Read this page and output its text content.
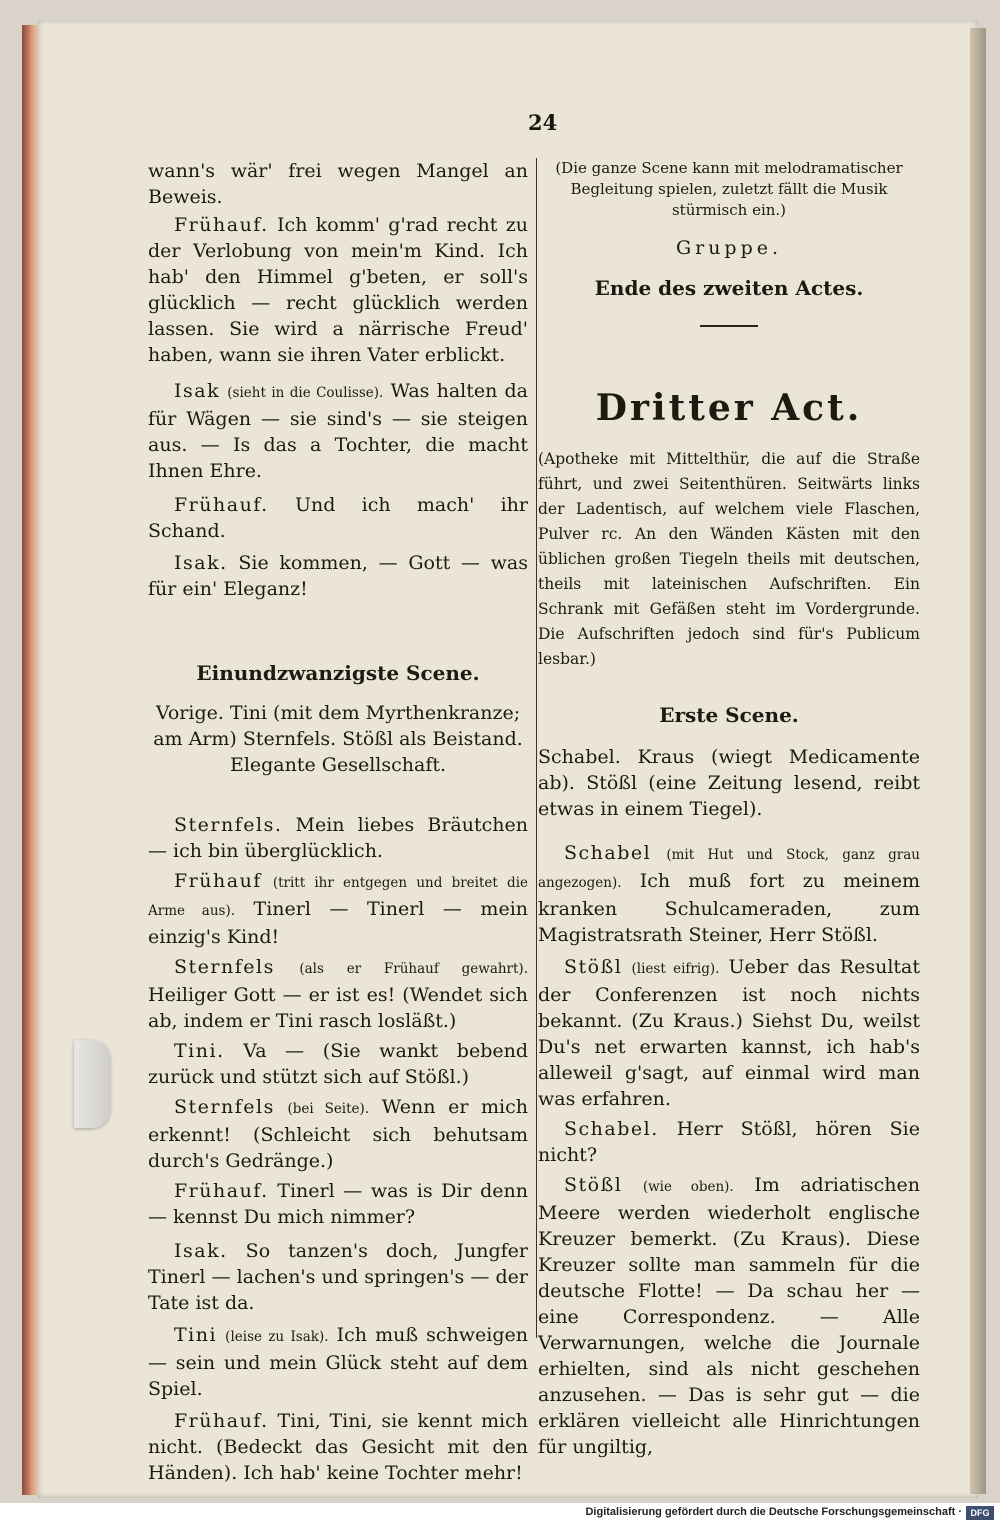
24

wann's wär' frei wegen Mangel an Beweis.

Frühauf. Ich komm' g'rad recht zu der Verlobung von mein'm Kind. Ich hab' den Himmel g'beten, er soll's glücklich — recht glücklich werden lassen. Sie wird a närrische Freud' haben, wann sie ihren Vater erblickt.

Isak (sieht in die Coulisse). Was halten da für Wägen — sie sind's — sie steigen aus. — Is das a Tochter, die macht Ihnen Ehre.

Frühauf. Und ich mach' ihr Schand.

Isak. Sie kommen, — Gott — was für ein' Eleganz!

Einundzwanzigste Scene.

Vorige. Tini (mit dem Myrthenkranze; am Arm) Sternfels. Stößl als Beistand. Elegante Gesellschaft.

Sternfels. Mein liebes Bräutchen — ich bin überglücklich.

Frühauf (tritt ihr entgegen und breitet die Arme aus). Tinerl — Tinerl — mein einzig's Kind!

Sternfels (als er Frühauf gewahrt). Heiliger Gott — er ist es! (Wendet sich ab, indem er Tini rasch losläßt.)

Tini. Va — (Sie wankt bebend zurück und stützt sich auf Stößl.)

Sternfels (bei Seite). Wenn er mich erkennt! (Schleicht sich behutsam durch's Gedränge.)

Frühauf. Tinerl — was is Dir denn — kennst Du mich nimmer?

Isak. So tanzen's doch, Jungfer Tinerl — lachen's und springen's — der Tate ist da.

Tini (leise zu Isak). Ich muß schweigen — sein und mein Glück steht auf dem Spiel.

Frühauf. Tini, Tini, sie kennt mich nicht. (Bedeckt das Gesicht mit den Händen). Ich hab' keine Tochter mehr!

(Die ganze Scene kann mit melodramatischer Begleitung spielen, zuletzt fällt die Musik stürmisch ein.)

Gruppe.

Ende des zweiten Actes.

Dritter Act.

(Apotheke mit Mittelthür, die auf die Straße führt, und zwei Seitenthüren. Seitwärts links der Ladentisch, auf welchem viele Flaschen, Pulver rc. An den Wänden Kästen mit den üblichen großen Tiegeln theils mit deutschen, theils mit lateinischen Aufschriften. Ein Schrank mit Gefäßen steht im Vordergrunde. Die Aufschriften jedoch sind für's Publicum lesbar.)

Erste Scene.

Schabel. Kraus (wiegt Medicamente ab). Stößl (eine Zeitung lesend, reibt etwas in einem Tiegel).

Schabel (mit Hut und Stock, ganz grau angezogen). Ich muß fort zu meinem kranken Schulcameraden, zum Magistratsrath Steiner, Herr Stößl.

Stößl (liest eifrig). Ueber das Resultat der Conferenzen ist noch nichts bekannt. (Zu Kraus.) Siehst Du, weilst Du's net erwarten kannst, ich hab's alleweil g'sagt, auf einmal wird man was erfahren.

Schabel. Herr Stößl, hören Sie nicht?

Stößl (wie oben). Im adriatischen Meere werden wiederholt englische Kreuzer bemerkt. (Zu Kraus). Diese Kreuzer sollte man sammeln für die deutsche Flotte! — Da schau her — eine Correspondenz. — Alle Verwarnungen, welche die Journale erhielten, sind als nicht geschehen anzusehen. — Das is sehr gut — die erklären vielleicht alle Hinrichtungen für ungiltig,

Digitalisierung gefördert durch die Deutsche Forschungsgemeinschaft · DFG
